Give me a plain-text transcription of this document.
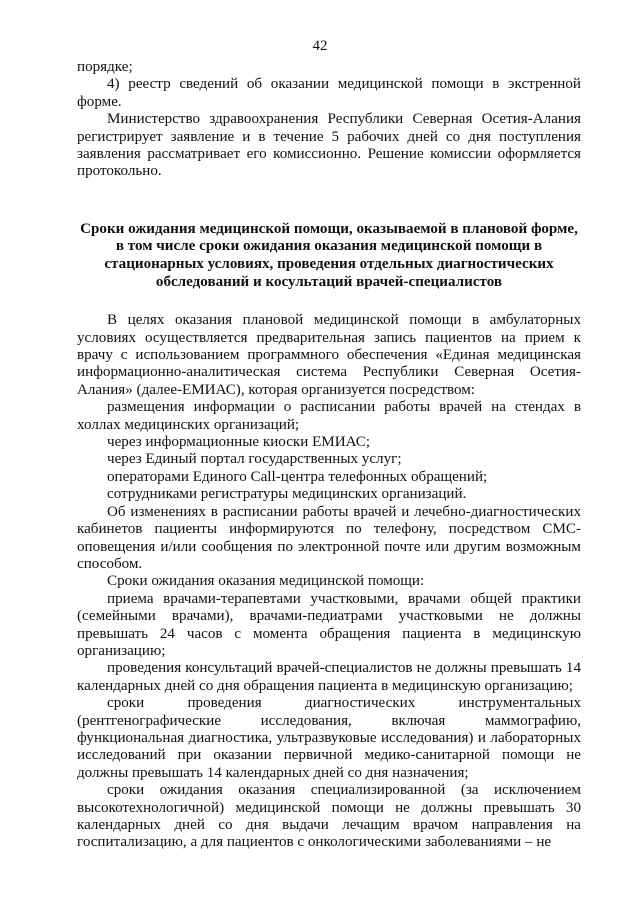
42

порядке;

4) реестр сведений об оказании медицинской помощи в экстренной форме.

Министерство здравоохранения Республики Северная Осетия-Алания регистрирует заявление и в течение 5 рабочих дней со дня поступления заявления рассматривает его комиссионно. Решение комиссии оформляется протокольно.

Сроки ожидания медицинской помощи, оказываемой в плановой форме, в том числе сроки ожидания оказания медицинской помощи в стационарных условиях, проведения отдельных диагностических обследований и косультаций врачей-специалистов

В целях оказания плановой медицинской помощи в амбулаторных условиях осуществляется предварительная запись пациентов на прием к врачу с использованием программного обеспечения «Единая медицинская информационно-аналитическая система Республики Северная Осетия-Алания» (далее-ЕМИАС), которая организуется посредством:

размещения информации о расписании работы врачей на стендах в холлах медицинских организаций;

через информационные киоски ЕМИАС;

через Единый портал государственных услуг;

операторами Единого Call-центра телефонных обращений;

сотрудниками регистратуры медицинских организаций.

Об изменениях в расписании работы врачей и лечебно-диагностических кабинетов пациенты информируются по телефону, посредством СМС-оповещения и/или сообщения по электронной почте или другим возможным способом.

Сроки ожидания оказания медицинской помощи:

приема врачами-терапевтами участковыми, врачами общей практики (семейными врачами), врачами-педиатрами участковыми не должны превышать 24 часов с момента обращения пациента в медицинскую организацию;

проведения консультаций врачей-специалистов не должны превышать 14 календарных дней со дня обращения пациента в медицинскую организацию;

сроки проведения диагностических инструментальных (рентгенографические исследования, включая маммографию, функциональная диагностика, ультразвуковые исследования) и лабораторных исследований при оказании первичной медико-санитарной помощи не должны превышать 14 календарных дней со дня назначения;

сроки ожидания оказания специализированной (за исключением высокотехнологичной) медицинской помощи не должны превышать 30 календарных дней со дня выдачи лечащим врачом направления на госпитализацию, а для пациентов с онкологическими заболеваниями – не
